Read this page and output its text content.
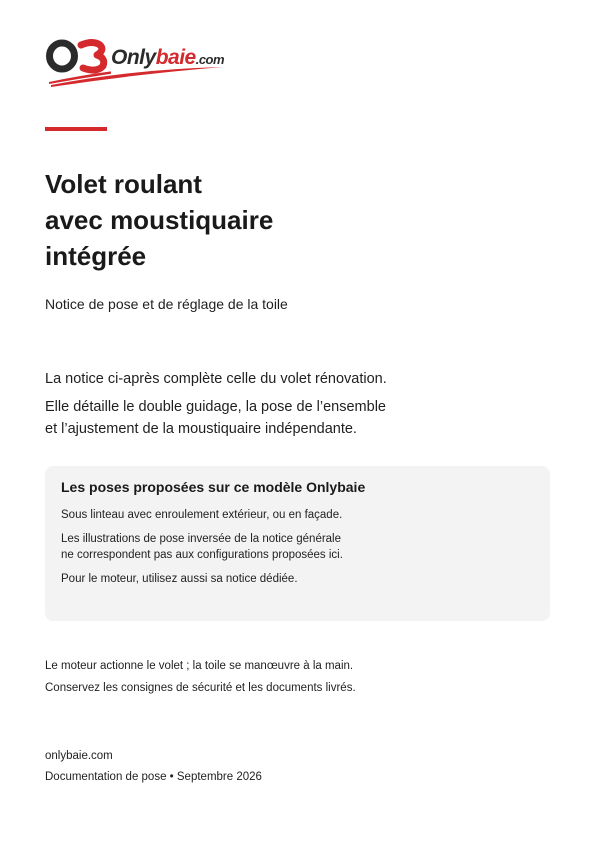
Onlybaie.com
Volet roulant
avec moustiquaire
intégrée
Notice de pose et de réglage de la toile

La notice ci-après complète celle du volet rénovation.

Elle détaille le double guidage, la pose de l’ensemble
et l’ajustement de la moustiquaire indépendante.

Les poses proposées sur ce modèle Onlybaie

Sous linteau avec enroulement extérieur, ou en façade.

Les illustrations de pose inversée de la notice générale
ne correspondent pas aux configurations proposées ici.

Pour le moteur, utilisez aussi sa notice dédiée.

Le moteur actionne le volet ; la toile se manœuvre à la main.

Conservez les consignes de sécurité et les documents livrés.

onlybaie.com

Documentation de pose • Septembre 2026
